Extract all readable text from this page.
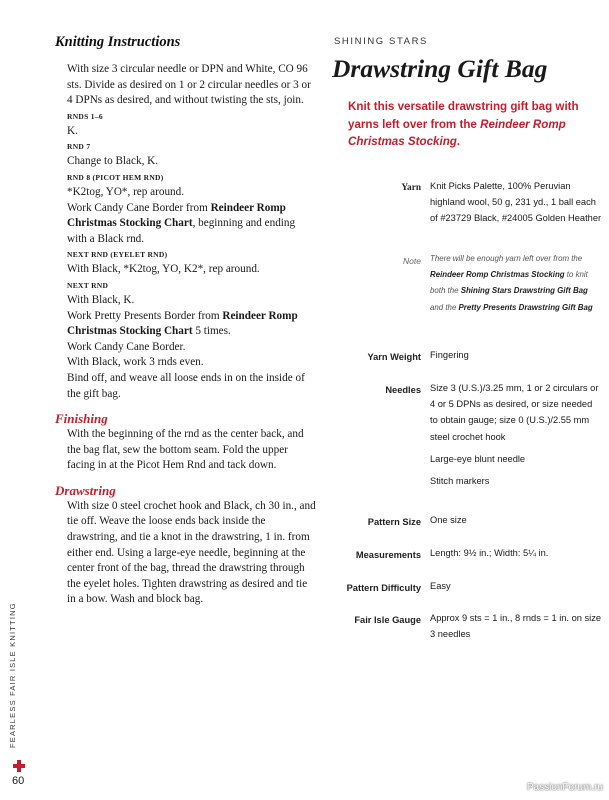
Knitting Instructions

With size 3 circular needle or DPN and White, CO 96 sts. Divide as desired on 1 or 2 circular needles or 3 or 4 DPNs as desired, and without twisting the sts, join.

RNDS 1–6

K.

RND 7

Change to Black, K.

RND 8 (PICOT HEM RND)

*K2tog, YO*, rep around.

Work Candy Cane Border from Reindeer Romp Christmas Stocking Chart, beginning and ending with a Black rnd.

NEXT RND (EYELET RND)

With Black, *K2tog, YO, K2*, rep around.

NEXT RND

With Black, K.

Work Pretty Presents Border from Reindeer Romp Christmas Stocking Chart 5 times.

Work Candy Cane Border.

With Black, work 3 rnds even.

Bind off, and weave all loose ends in on the inside of the gift bag.

Finishing

With the beginning of the rnd as the center back, and the bag flat, sew the bottom seam. Fold the upper facing in at the Picot Hem Rnd and tack down.

Drawstring

With size 0 steel crochet hook and Black, ch 30 in., and tie off. Weave the loose ends back inside the drawstring, and tie a knot in the drawstring, 1 in. from either end. Using a large-eye needle, beginning at the center front of the bag, thread the drawstring through the eyelet holes. Tighten drawstring as desired and tie in a bow. Wash and block bag.

SHINING STARS
Drawstring Gift Bag
Knit this versatile drawstring gift bag with yarns left over from the Reindeer Romp Christmas Stocking.
Yarn Knit Picks Palette, 100% Peruvian highland wool, 50 g, 231 yd., 1 ball each of #23729 Black, #24005 Golden Heather
Note There will be enough yarn left over from the Reindeer Romp Christmas Stocking to knit both the Shining Stars Drawstring Gift Bag and the Pretty Presents Drawstring Gift Bag
Yarn Weight Fingering
Needles Size 3 (U.S.)/3.25 mm, 1 or 2 circulars or 4 or 5 DPNs as desired, or size needed to obtain gauge; size 0 (U.S.)/2.55 mm steel crochet hook
Large-eye blunt needle
Stitch markers
Pattern Size One size
Measurements Length: 9½ in.; Width: 5¼ in.
Pattern Difficulty Easy
Fair Isle Gauge Approx 9 sts = 1 in., 8 rnds = 1 in. on size 3 needles
FEARLESS FAIR ISLE KNITTING
60
PassionForum.ru
